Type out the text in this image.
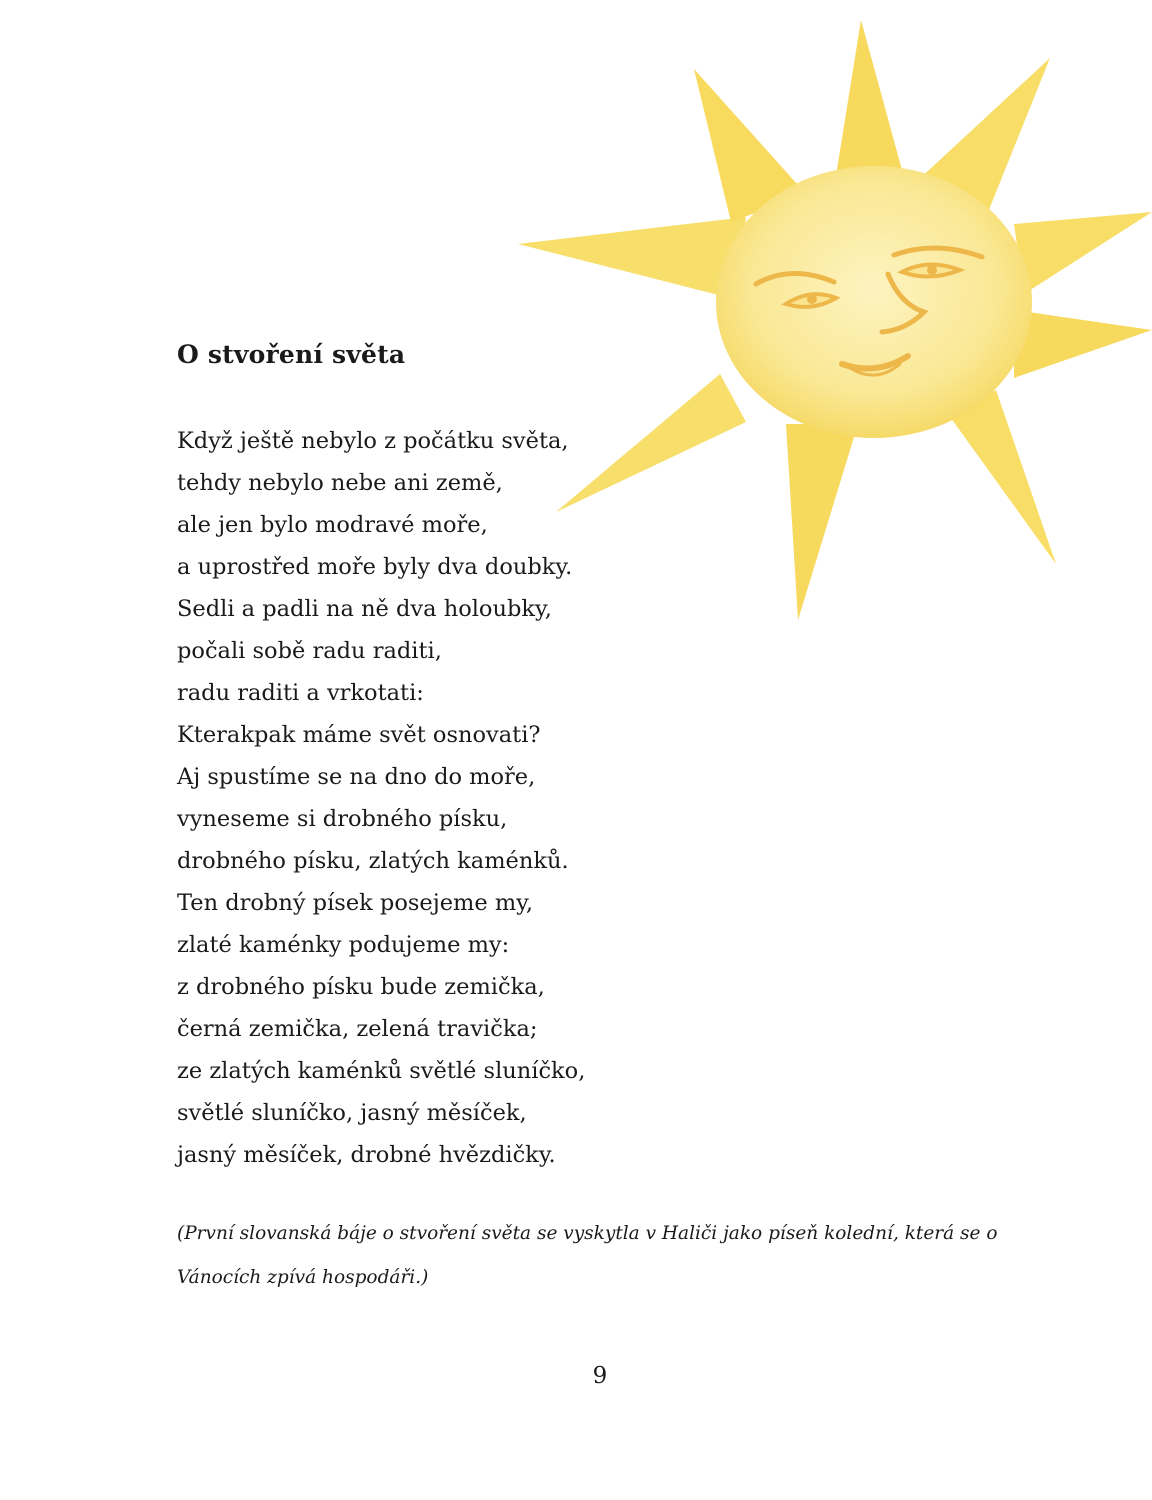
O stvoření světa
Když ještě nebylo z počátku světa,
tehdy nebylo nebe ani země,
ale jen bylo modravé moře,
a uprostřed moře byly dva doubky.
Sedli a padli na ně dva holoubky,
počali sobě radu raditi,
radu raditi a vrkotati:
Kterakpak máme svět osnovati?
Aj spustíme se na dno do moře,
vyneseme si drobného písku,
drobného písku, zlatých kaménků.
Ten drobný písek posejeme my,
zlaté kaménky podujeme my:
z drobného písku bude zemička,
černá zemička, zelená travička;
ze zlatých kaménků světlé sluníčko,
světlé sluníčko, jasný měsíček,
jasný měsíček, drobné hvězdičky.

(První slovanská báje o stvoření světa se vyskytla v Haliči jako píseň kolední, která se o Vánocích zpívá hospodáři.)

9
